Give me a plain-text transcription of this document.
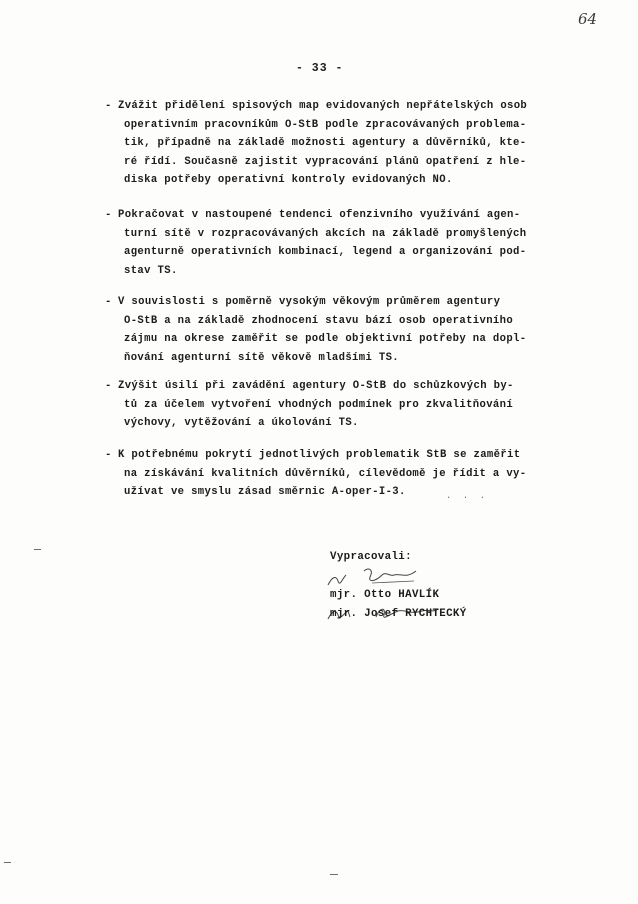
64
- 33 -
- Zvážit přidělení spisových map evidovaných nepřátelských osob
operativním pracovníkům O-StB podle zpracovávaných problema-
tik, případně na základě možnosti agentury a důvěrníků, kte-
ré řídí. Současně zajistit vypracování plánů opatření z hle-
diska potřeby operativní kontroly evidovaných NO.
- Pokračovat v nastoupené tendenci ofenzivního využívání agen-
turní sítě v rozpracovávaných akcích na základě promyšlených
agenturně operativních kombinací, legend a organizování pod-
stav TS.
- V souvislosti s poměrně vysokým věkovým průměrem agentury
O-StB a na základě zhodnocení stavu bází osob operativního
zájmu na okrese zaměřit se podle objektivní potřeby na dopl-
ňování agenturní sítě věkově mladšími TS.
- Zvýšit úsilí při zavádění agentury O-StB do schůzkových by-
tů za účelem vytvoření vhodných podmínek pro zkvalitňování
výchovy, vytěžování a úkolování TS.
- K potřebnému pokrytí jednotlivých problematik StB se zaměřit
na získávání kvalitních důvěrníků, cílevědomě je řídit a vy-
užívat ve smyslu zásad směrnic A-oper-I-3.	. . .
Vypracovali:
mjr. Otto HAVLÍK
mjr. Josef RYCHTECKÝ
